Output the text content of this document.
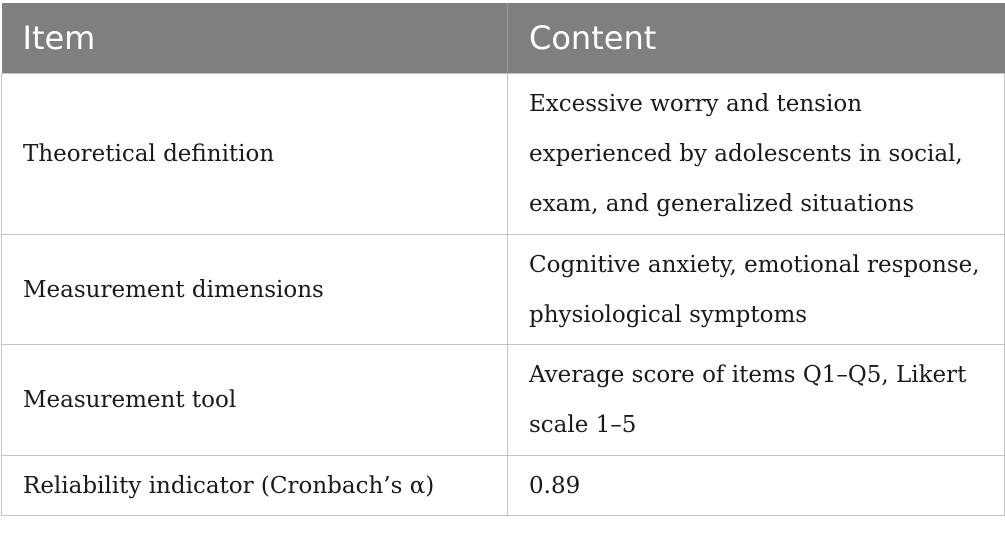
Item	Content
Theoretical definition	Excessive worry and tension experienced by adolescents in social, exam, and generalized situations
Measurement dimensions	Cognitive anxiety, emotional response, physiological symptoms
Measurement tool	Average score of items Q1–Q5, Likert scale 1–5
Reliability indicator (Cronbach’s α)	0.89
